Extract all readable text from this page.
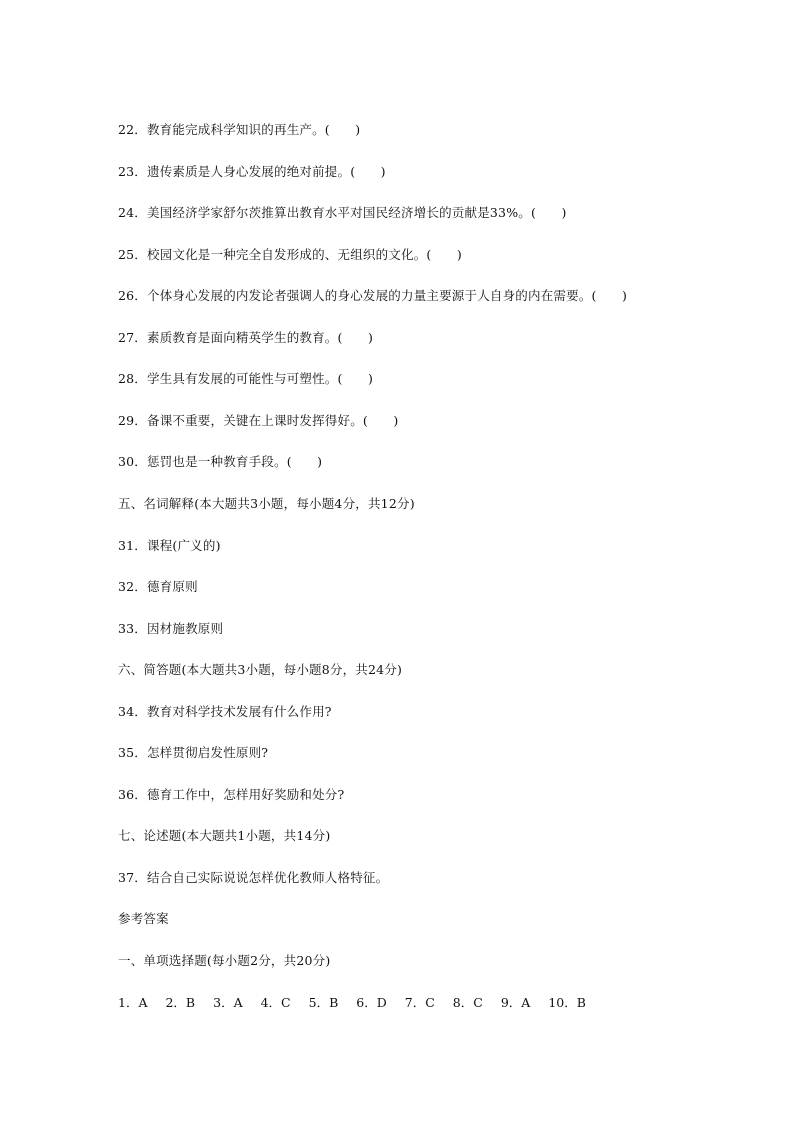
22．教育能完成科学知识的再生产。(　　)
23．遗传素质是人身心发展的绝对前提。(　　)
24．美国经济学家舒尔茨推算出教育水平对国民经济增长的贡献是33%。(　　)
25．校园文化是一种完全自发形成的、无组织的文化。(　　)
26．个体身心发展的内发论者强调人的身心发展的力量主要源于人自身的内在需要。(　　)
27．素质教育是面向精英学生的教育。(　　)
28．学生具有发展的可能性与可塑性。(　　)
29．备课不重要，关键在上课时发挥得好。(　　)
30．惩罚也是一种教育手段。(　　)
五、名词解释(本大题共3小题，每小题4分，共12分)
31．课程(广义的)
32．德育原则
33．因材施教原则
六、简答题(本大题共3小题，每小题8分，共24分)
34．教育对科学技术发展有什么作用?
35．怎样贯彻启发性原则?
36．德育工作中，怎样用好奖励和处分?
七、论述题(本大题共1小题，共14分)
37．结合自己实际说说怎样优化教师人格特征。
参考答案
一、单项选择题(每小题2分，共20分)
1．A 2．B 3．A 4．C 5．B 6．D 7．C 8．C 9．A 10．B
